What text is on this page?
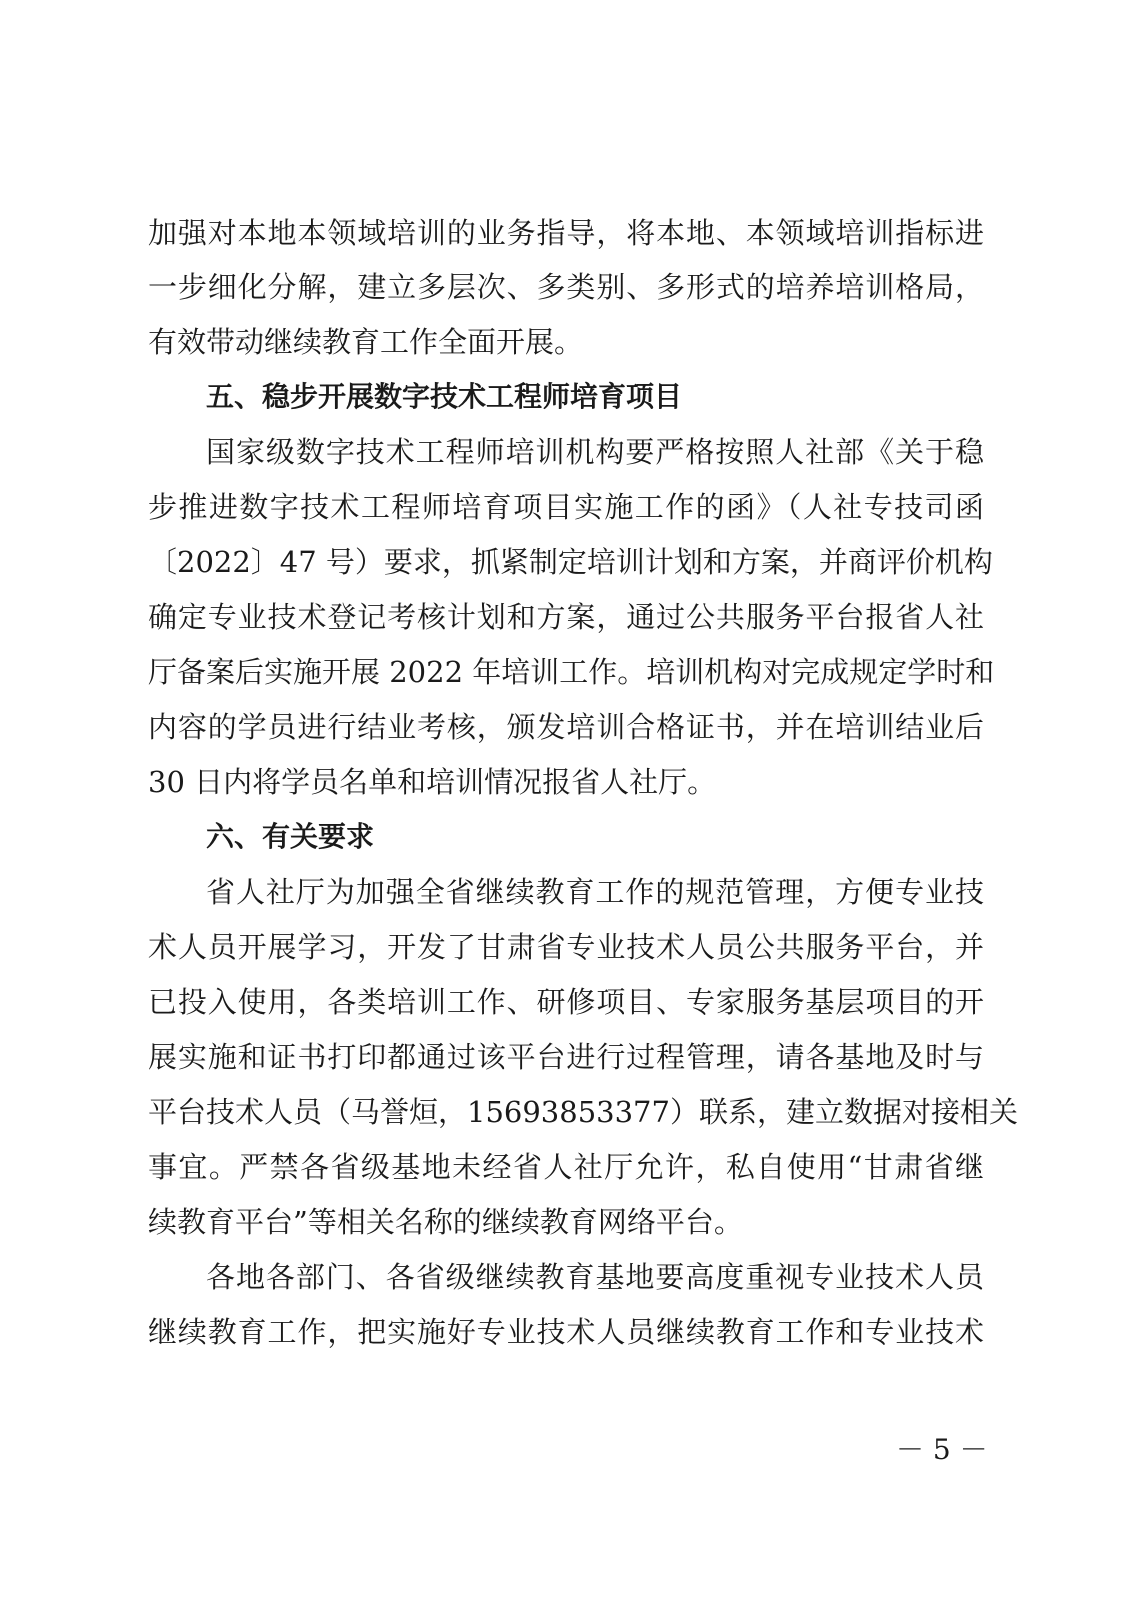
加强对本地本领域培训的业务指导，将本地、本领域培训指标进
一步细化分解，建立多层次、多类别、多形式的培养培训格局，
有效带动继续教育工作全面开展。
五、稳步开展数字技术工程师培育项目
国家级数字技术工程师培训机构要严格按照人社部《关于稳
步推进数字技术工程师培育项目实施工作的函》（人社专技司函
〔2022〕47 号）要求，抓紧制定培训计划和方案，并商评价机构
确定专业技术登记考核计划和方案，通过公共服务平台报省人社
厅备案后实施开展 2022 年培训工作。培训机构对完成规定学时和
内容的学员进行结业考核，颁发培训合格证书，并在培训结业后
30 日内将学员名单和培训情况报省人社厅。
六、有关要求
省人社厅为加强全省继续教育工作的规范管理，方便专业技
术人员开展学习，开发了甘肃省专业技术人员公共服务平台，并
已投入使用，各类培训工作、研修项目、专家服务基层项目的开
展实施和证书打印都通过该平台进行过程管理，请各基地及时与
平台技术人员（马誉烜，15693853377）联系，建立数据对接相关
事宜。严禁各省级基地未经省人社厅允许，私自使用“甘肃省继
续教育平台”等相关名称的继续教育网络平台。
各地各部门、各省级继续教育基地要高度重视专业技术人员
继续教育工作，把实施好专业技术人员继续教育工作和专业技术
－ 5 －
